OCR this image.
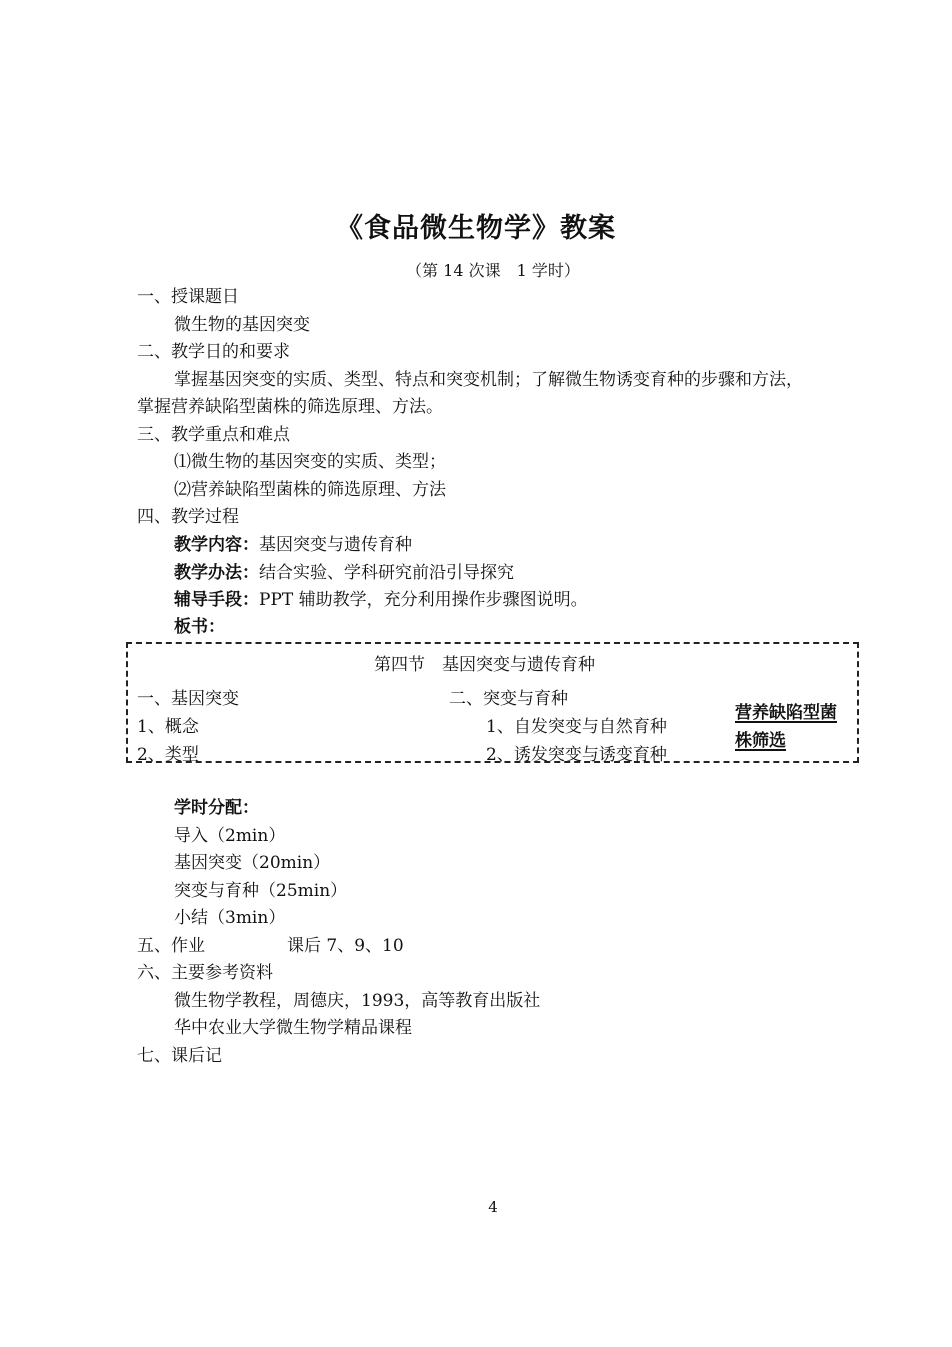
《食品微生物学》教案
（第 14 次课　1 学时）
一、授课题日
微生物的基因突变
二、教学日的和要求
掌握基因突变的实质、类型、特点和突变机制；了解微生物诱变育种的步骤和方法，
掌握营养缺陷型菌株的筛选原理、方法。
三、教学重点和难点
⑴微生物的基因突变的实质、类型；
⑵营养缺陷型菌株的筛选原理、方法
四、教学过程
教学内容：基因突变与遗传育种
教学办法：结合实验、学科研究前沿引导探究
辅导手段：PPT 辅助教学，充分利用操作步骤图说明。
板书：
第四节　基因突变与遗传育种
一、基因突变
1、概念
2、类型
二、突变与育种
1、自发突变与自然育种
2、诱发突变与诱变育种
营养缺陷型菌
株筛选
学时分配：
导入（2min）
基因突变（20min）
突变与育种（25min）
小结（3min）
五、作业	课后 7、9、10
六、主要参考资料
微生物学教程，周德庆，1993，高等教育出版社
华中农业大学微生物学精品课程
七、课后记
4
